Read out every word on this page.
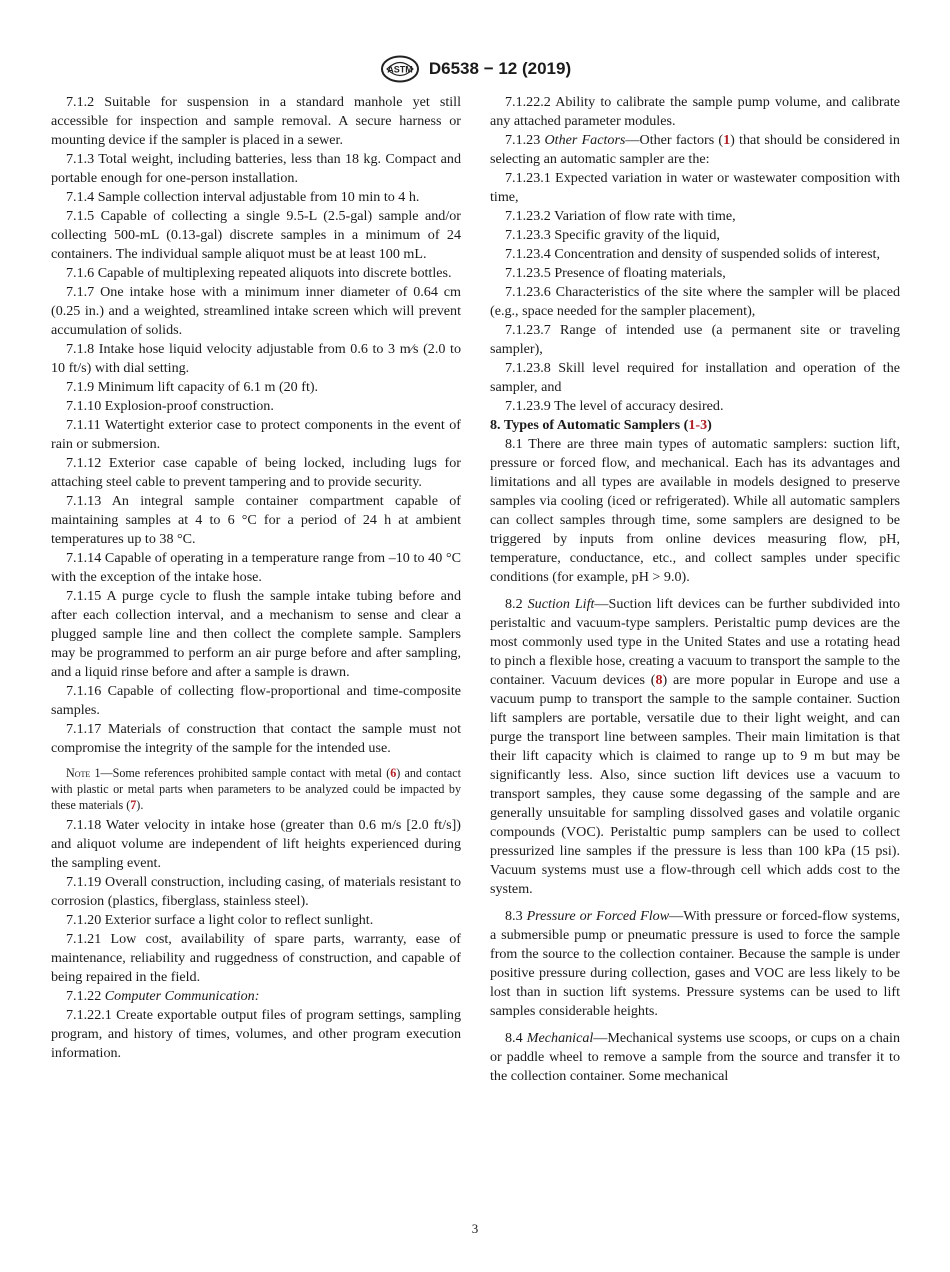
ASTM D6538 − 12 (2019)

7.1.2 Suitable for suspension in a standard manhole yet still accessible for inspection and sample removal. A secure harness or mounting device if the sampler is placed in a sewer.

7.1.3 Total weight, including batteries, less than 18 kg. Compact and portable enough for one-person installation.

7.1.4 Sample collection interval adjustable from 10 min to 4 h.

7.1.5 Capable of collecting a single 9.5-L (2.5-gal) sample and/or collecting 500-mL (0.13-gal) discrete samples in a minimum of 24 containers. The individual sample aliquot must be at least 100 mL.

7.1.6 Capable of multiplexing repeated aliquots into discrete bottles.

7.1.7 One intake hose with a minimum inner diameter of 0.64 cm (0.25 in.) and a weighted, streamlined intake screen which will prevent accumulation of solids.

7.1.8 Intake hose liquid velocity adjustable from 0.6 to 3 m⁄s (2.0 to 10 ft/s) with dial setting.

7.1.9 Minimum lift capacity of 6.1 m (20 ft).

7.1.10 Explosion-proof construction.

7.1.11 Watertight exterior case to protect components in the event of rain or submersion.

7.1.12 Exterior case capable of being locked, including lugs for attaching steel cable to prevent tampering and to provide security.

7.1.13 An integral sample container compartment capable of maintaining samples at 4 to 6 °C for a period of 24 h at ambient temperatures up to 38 °C.

7.1.14 Capable of operating in a temperature range from –10 to 40 °C with the exception of the intake hose.

7.1.15 A purge cycle to flush the sample intake tubing before and after each collection interval, and a mechanism to sense and clear a plugged sample line and then collect the complete sample. Samplers may be programmed to perform an air purge before and after sampling, and a liquid rinse before and after a sample is drawn.

7.1.16 Capable of collecting flow-proportional and time-composite samples.

7.1.17 Materials of construction that contact the sample must not compromise the integrity of the sample for the intended use.

Note 1—Some references prohibited sample contact with metal (6) and contact with plastic or metal parts when parameters to be analyzed could be impacted by these materials (7).

7.1.18 Water velocity in intake hose (greater than 0.6 m/s [2.0 ft/s]) and aliquot volume are independent of lift heights experienced during the sampling event.

7.1.19 Overall construction, including casing, of materials resistant to corrosion (plastics, fiberglass, stainless steel).

7.1.20 Exterior surface a light color to reflect sunlight.

7.1.21 Low cost, availability of spare parts, warranty, ease of maintenance, reliability and ruggedness of construction, and capable of being repaired in the field.

7.1.22 Computer Communication:

7.1.22.1 Create exportable output files of program settings, sampling program, and history of times, volumes, and other program execution information.

7.1.22.2 Ability to calibrate the sample pump volume, and calibrate any attached parameter modules.

7.1.23 Other Factors—Other factors (1) that should be considered in selecting an automatic sampler are the:

7.1.23.1 Expected variation in water or wastewater composition with time,

7.1.23.2 Variation of flow rate with time,

7.1.23.3 Specific gravity of the liquid,

7.1.23.4 Concentration and density of suspended solids of interest,

7.1.23.5 Presence of floating materials,

7.1.23.6 Characteristics of the site where the sampler will be placed (e.g., space needed for the sampler placement),

7.1.23.7 Range of intended use (a permanent site or traveling sampler),

7.1.23.8 Skill level required for installation and operation of the sampler, and

7.1.23.9 The level of accuracy desired.

8. Types of Automatic Samplers (1-3)

8.1 There are three main types of automatic samplers: suction lift, pressure or forced flow, and mechanical. Each has its advantages and limitations and all types are available in models designed to preserve samples via cooling (iced or refrigerated). While all automatic samplers can collect samples through time, some samplers are designed to be triggered by inputs from online devices measuring flow, pH, temperature, conductance, etc., and collect samples under specific conditions (for example, pH > 9.0).

8.2 Suction Lift—Suction lift devices can be further subdivided into peristaltic and vacuum-type samplers. Peristaltic pump devices are the most commonly used type in the United States and use a rotating head to pinch a flexible hose, creating a vacuum to transport the sample to the container. Vacuum devices (8) are more popular in Europe and use a vacuum pump to transport the sample to the sample container. Suction lift samplers are portable, versatile due to their light weight, and can purge the transport line between samples. Their main limitation is that their lift capacity which is claimed to range up to 9 m but may be significantly less. Also, since suction lift devices use a vacuum to transport samples, they cause some degassing of the sample and are generally unsuitable for sampling dissolved gases and volatile organic compounds (VOC). Peristaltic pump samplers can be used to collect pressurized line samples if the pressure is less than 100 kPa (15 psi). Vacuum systems must use a flow-through cell which adds cost to the system.

8.3 Pressure or Forced Flow—With pressure or forced-flow systems, a submersible pump or pneumatic pressure is used to force the sample from the source to the collection container. Because the sample is under positive pressure during collection, gases and VOC are less likely to be lost than in suction lift systems. Pressure systems can be used to lift samples considerable heights.

8.4 Mechanical—Mechanical systems use scoops, or cups on a chain or paddle wheel to remove a sample from the source and transfer it to the collection container. Some mechanical

3
